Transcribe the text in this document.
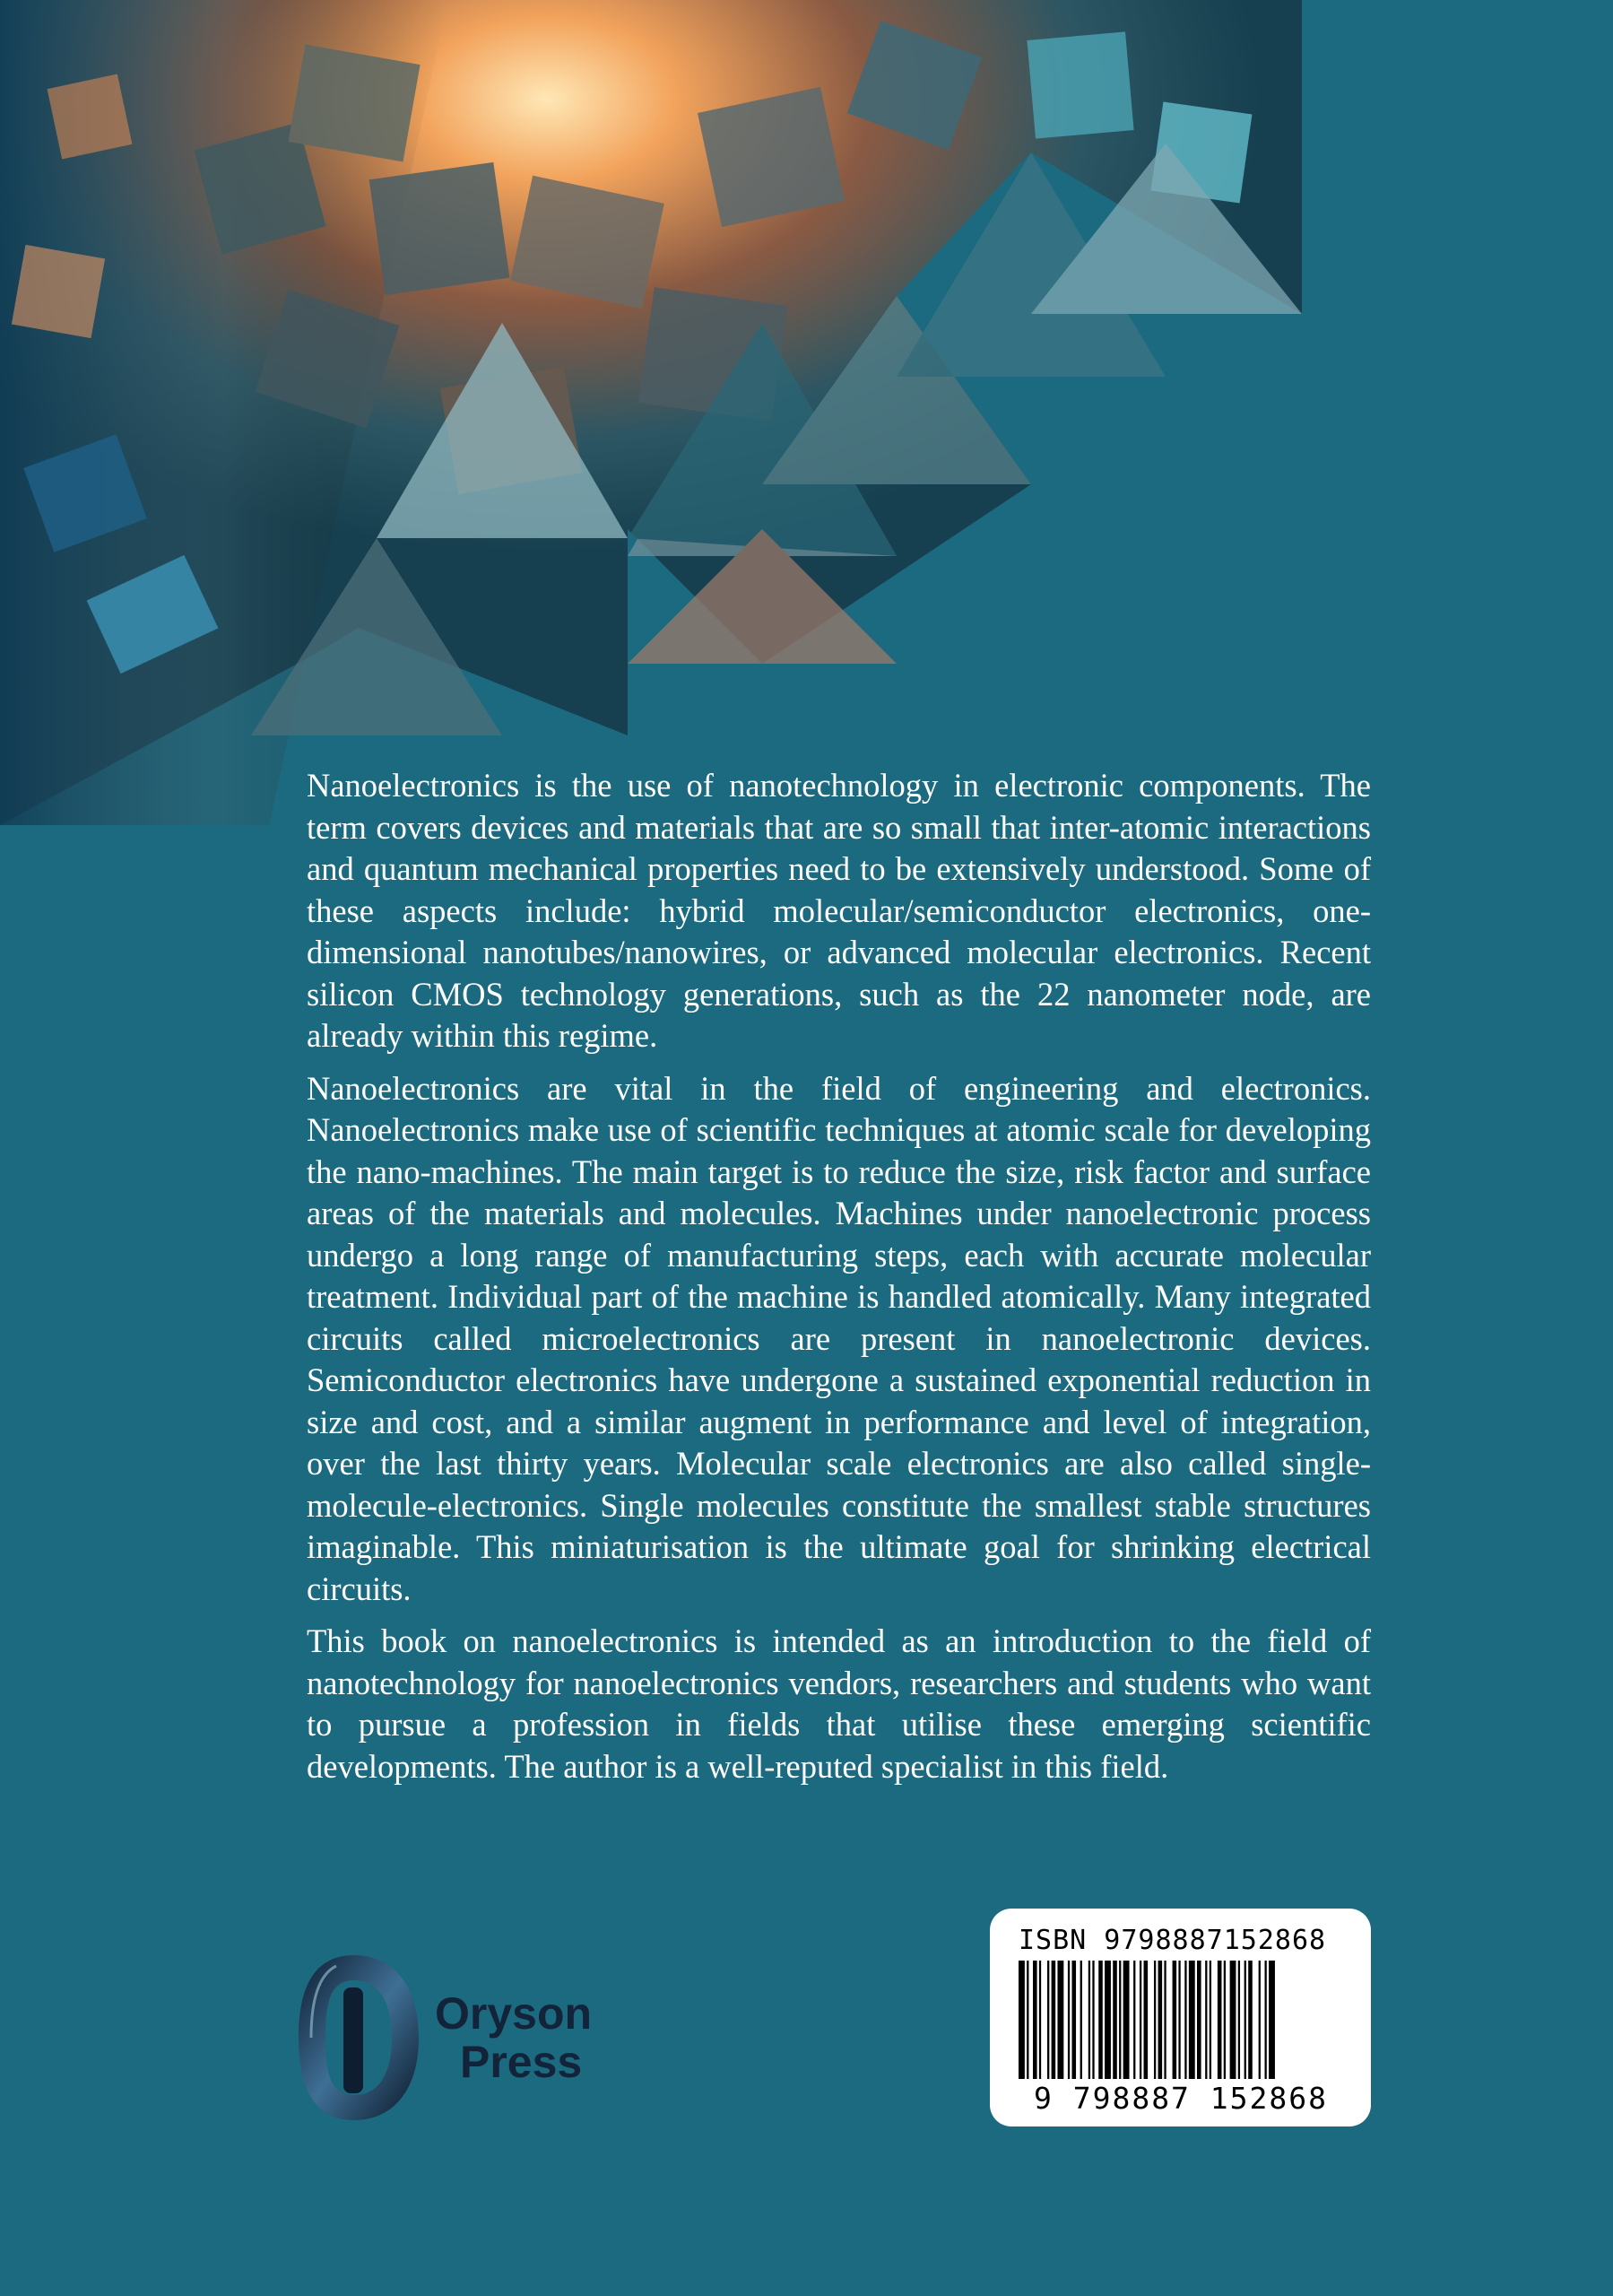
Nanoelectronics is the use of nanotechnology in electronic components. The term covers devices and materials that are so small that inter-atomic interactions and quantum mechanical properties need to be extensively understood. Some of these aspects include: hybrid molecular/semiconductor electronics, one-dimensional nanotubes/nanowires, or advanced molecular electronics. Recent silicon CMOS technology generations, such as the 22 nanometer node, are already within this regime.

Nanoelectronics are vital in the field of engineering and electronics. Nanoelectronics make use of scientific techniques at atomic scale for developing the nano-machines. The main target is to reduce the size, risk factor and surface areas of the materials and molecules. Machines under nanoelectronic process undergo a long range of manufacturing steps, each with accurate molecular treatment. Individual part of the machine is handled atomically. Many integrated circuits called microelectronics are present in nanoelectronic devices. Semiconductor electronics have undergone a sustained exponential reduction in size and cost, and a similar augment in performance and level of integration, over the last thirty years. Molecular scale electronics are also called single-molecule-electronics. Single molecules constitute the smallest stable structures imaginable. This miniaturisation is the ultimate goal for shrinking electrical circuits.

This book on nanoelectronics is intended as an introduction to the field of nanotechnology for nanoelectronics vendors, researchers and students who want to pursue a profession in fields that utilise these emerging scientific developments. The author is a well-reputed specialist in this field.

Oryson
Press
ISBN 9798887152868
9 798887 152868
